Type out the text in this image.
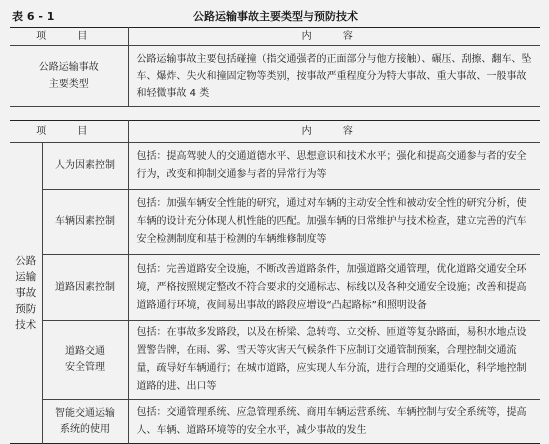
表 6 - 1	公路运输事故主要类型与预防技术
项 目	内 容

公路运输事故
主要类型	公路运输事故主要包括碰撞（指交通强者的正面部分与他方接触）、碾压、刮擦、翻车、坠车、爆炸、失火和撞固定物等类别，按事故严重程度分为特大事故、重大事故、一般事故和轻微事故 4 类
项 目		内 容

公路
运输
事故
预防
技术	人为因素控制	包括：提高驾驶人的交通道德水平、思想意识和技术水平；强化和提高交通参与者的安全行为，改变和抑制交通参与者的异常行为等

	车辆因素控制	包括：加强车辆安全性能的研究，通过对车辆的主动安全性和被动安全性的研究分析，使车辆的设计充分体现人机性能的匹配。加强车辆的日常维护与技术检查，建立完善的汽车安全检测制度和基于检测的车辆维修制度等

	道路因素控制	包括：完善道路安全设施，不断改善道路条件，加强道路交通管理，优化道路交通安全环境，严格按照规定整改不符合要求的交通标志、标线以及各种交通安全设施；改善和提高道路通行环境，夜间易出事故的路段应增设“凸起路标”和照明设备

	道路交通
安全管理	包括：在事故多发路段，以及在桥梁、急转弯、立交桥、匝道等复杂路面，易积水地点设置警告牌，在雨、雾、雪天等灾害天气候条件下应制订交通管制预案，合理控制交通流量，疏导好车辆通行；在城市道路，应实现人车分流，进行合理的交通渠化，科学地控制道路的进、出口等

	智能交通运输
系统的使用	包括：交通管理系统、应急管理系统、商用车辆运营系统、车辆控制与安全系统等，提高人、车辆、道路环境等的安全水平，减少事故的发生
